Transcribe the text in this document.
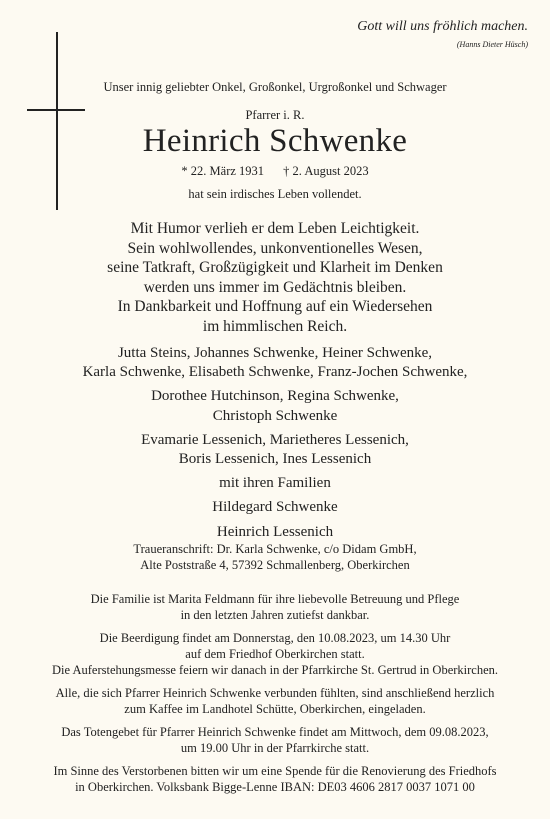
Gott will uns fröhlich machen.
(Hanns Dieter Hüsch)
Unser innig geliebter Onkel, Großonkel, Urgroßonkel und Schwager
Pfarrer i. R.
Heinrich Schwenke
* 22. März 1931 † 2. August 2023
hat sein irdisches Leben vollendet.
Mit Humor verlieh er dem Leben Leichtigkeit.
Sein wohlwollendes, unkonventionelles Wesen,
seine Tatkraft, Großzügigkeit und Klarheit im Denken
werden uns immer im Gedächtnis bleiben.
In Dankbarkeit und Hoffnung auf ein Wiedersehen
im himmlischen Reich.
Jutta Steins, Johannes Schwenke, Heiner Schwenke,
Karla Schwenke, Elisabeth Schwenke, Franz-Jochen Schwenke,
Dorothee Hutchinson, Regina Schwenke,
Christoph Schwenke
Evamarie Lessenich, Marietheres Lessenich,
Boris Lessenich, Ines Lessenich
mit ihren Familien
Hildegard Schwenke
Heinrich Lessenich
Traueranschrift: Dr. Karla Schwenke, c/o Didam GmbH,
Alte Poststraße 4, 57392 Schmallenberg, Oberkirchen

Die Familie ist Marita Feldmann für ihre liebevolle Betreuung und Pflege
in den letzten Jahren zutiefst dankbar.

Die Beerdigung findet am Donnerstag, den 10.08.2023, um 14.30 Uhr
auf dem Friedhof Oberkirchen statt.
Die Auferstehungsmesse feiern wir danach in der Pfarrkirche St. Gertrud in Oberkirchen.

Alle, die sich Pfarrer Heinrich Schwenke verbunden fühlten, sind anschließend herzlich
zum Kaffee im Landhotel Schütte, Oberkirchen, eingeladen.

Das Totengebet für Pfarrer Heinrich Schwenke findet am Mittwoch, dem 09.08.2023,
um 19.00 Uhr in der Pfarrkirche statt.

Im Sinne des Verstorbenen bitten wir um eine Spende für die Renovierung des Friedhofs
in Oberkirchen. Volksbank Bigge-Lenne IBAN: DE03 4606 2817 0037 1071 00
